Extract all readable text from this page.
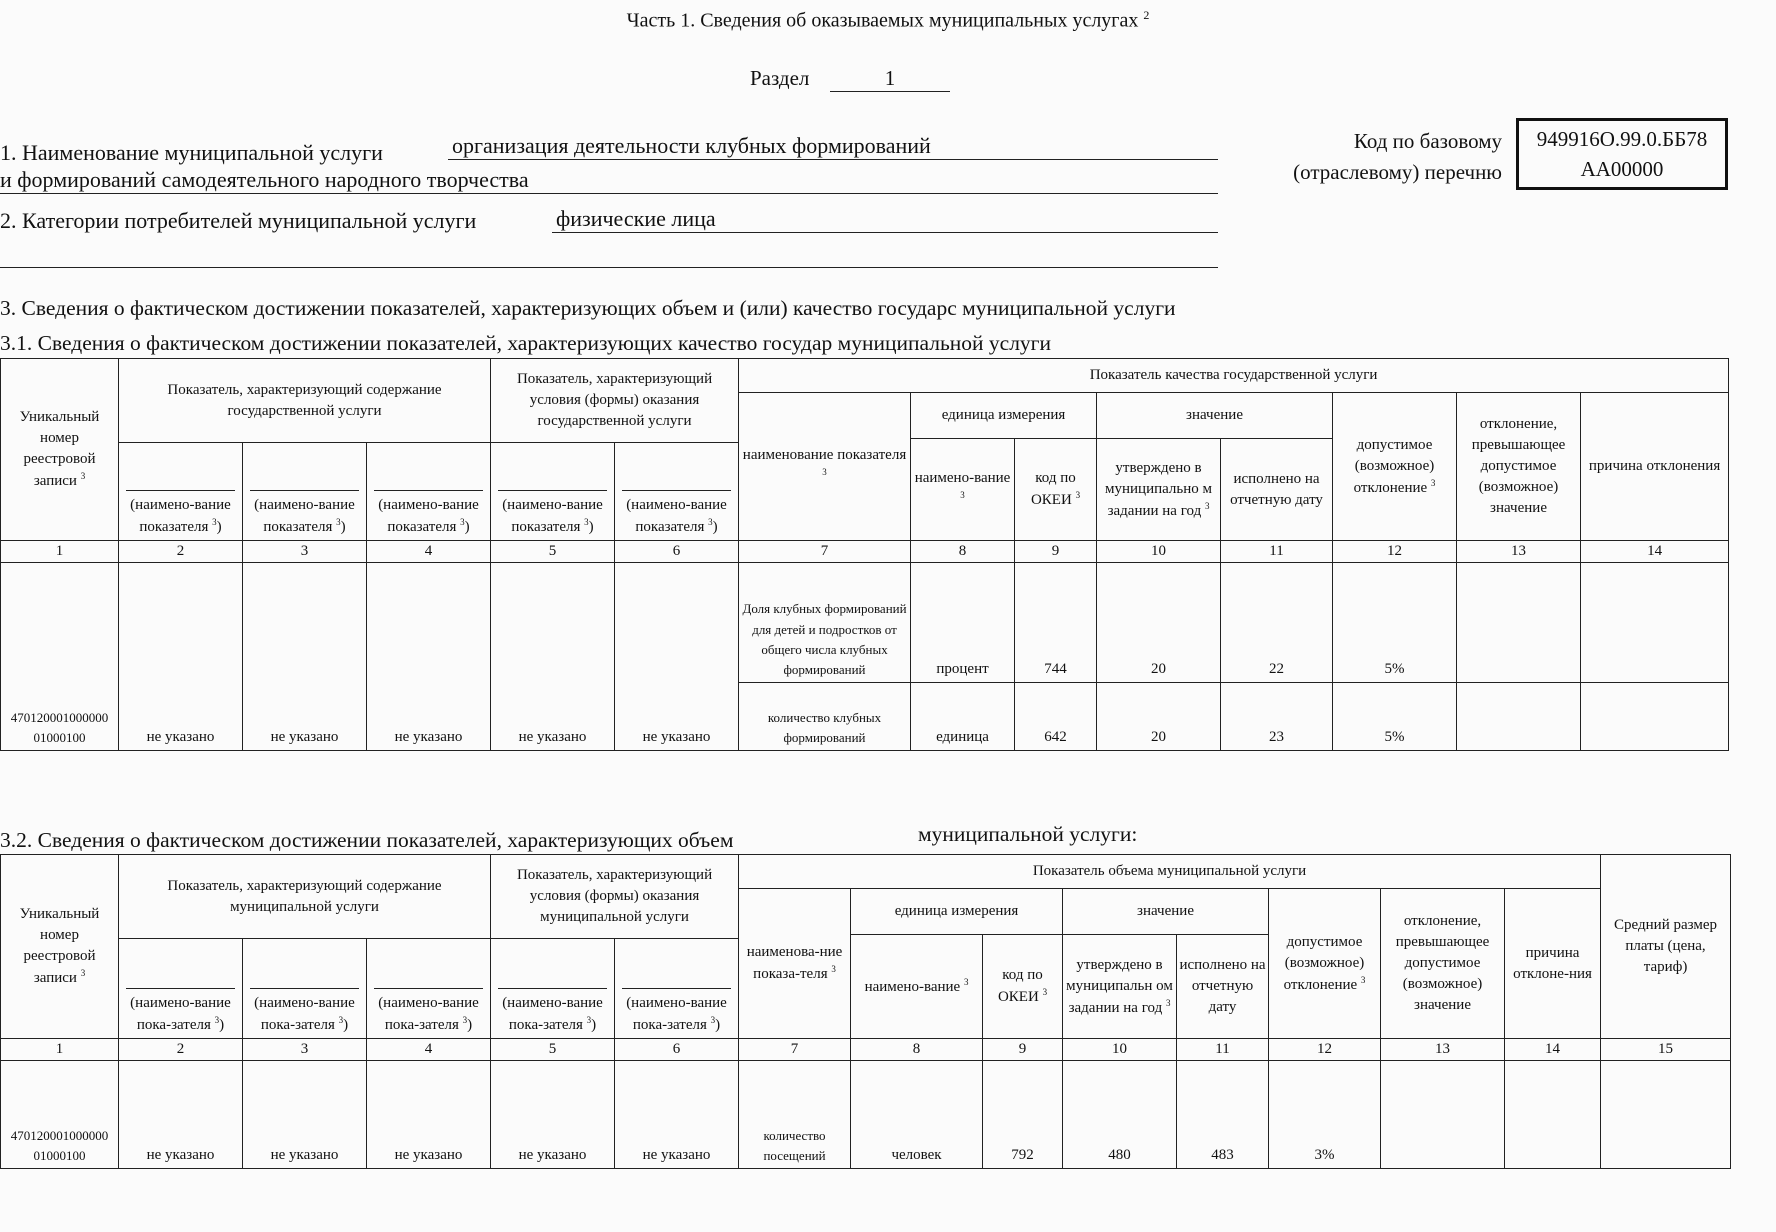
Часть 1. Сведения об оказываемых муниципальных услугах $^2$
Раздел	1
1. Наименование муниципальной услуги	организация деятельности клубных формирований
и формирований самодеятельного народного творчества
2. Категории потребителей муниципальной услуги	физические лица
Код по базовому
(отраслевому) перечню
949916О.99.0.ББ78
АА00000
3. Сведения о фактическом достижении показателей, характеризующих объем и (или) качество государс муниципальной услуги
3.1. Сведения о фактическом достижении показателей, характеризующих качество государ муниципальной услуги
Уникальный номер реестровой записи $^3$	Показатель, характеризующий содержание государственной услуги			Показатель, характеризующий условия (формы) оказания государственной услуги		Показатель качества государственной услуги							
						наименование показателя $^3$	единица измерения		значение		допустимое (возможное) отклонение $^3$	отклонение, превышающее допустимое (возможное) значение	причина отклонения
							наимено-вание $^3$	код по ОКЕИ $^3$	утверждено в муниципально м задании на год $^3$	исполнено на отчетную дату			
	(наимено-вание показателя $^3$)	(наимено-вание показателя $^3$)	(наимено-вание показателя $^3$)	(наимено-вание показателя $^3$)	(наимено-вание показателя $^3$)								
1	2	3	4	5	6	7	8	9	10	11	12	13	14
470120001000000 01000100	не указано	не указано	не указано	не указано	не указано	Доля клубных формирований для детей и подростков от общего числа клубных формирований	процент	744	20	22	5%		
						количество клубных формирований	единица	642	20	23	5%		
3.2. Сведения о фактическом достижении показателей, характеризующих объем	муниципальной услуги:
Уникальный номер реестровой записи $^3$	Показатель, характеризующий содержание муниципальной услуги			Показатель, характеризующий условия (формы) оказания муниципальной услуги		Показатель объема муниципальной услуги								Средний размер платы (цена, тариф)
						наименова-ние показа-теля $^3$	единица измерения		значение		допустимое (возможное) отклонение $^3$	отклонение, превышающее допустимое (возможное) значение	причина отклоне-ния	
							наимено-вание $^3$	код по ОКЕИ $^3$	утверждено в муниципальн ом задании на год $^3$	исполнено на отчетную дату				
	(наимено-вание пока-зателя $^3$)	(наимено-вание пока-зателя $^3$)	(наимено-вание пока-зателя $^3$)	(наимено-вание пока-зателя $^3$)	(наимено-вание пока-зателя $^3$)									
1	2	3	4	5	6	7	8	9	10	11	12	13	14	15
470120001000000 01000100	не указано	не указано	не указано	не указано	не указано	количество посещений	человек	792	480	483	3%			
